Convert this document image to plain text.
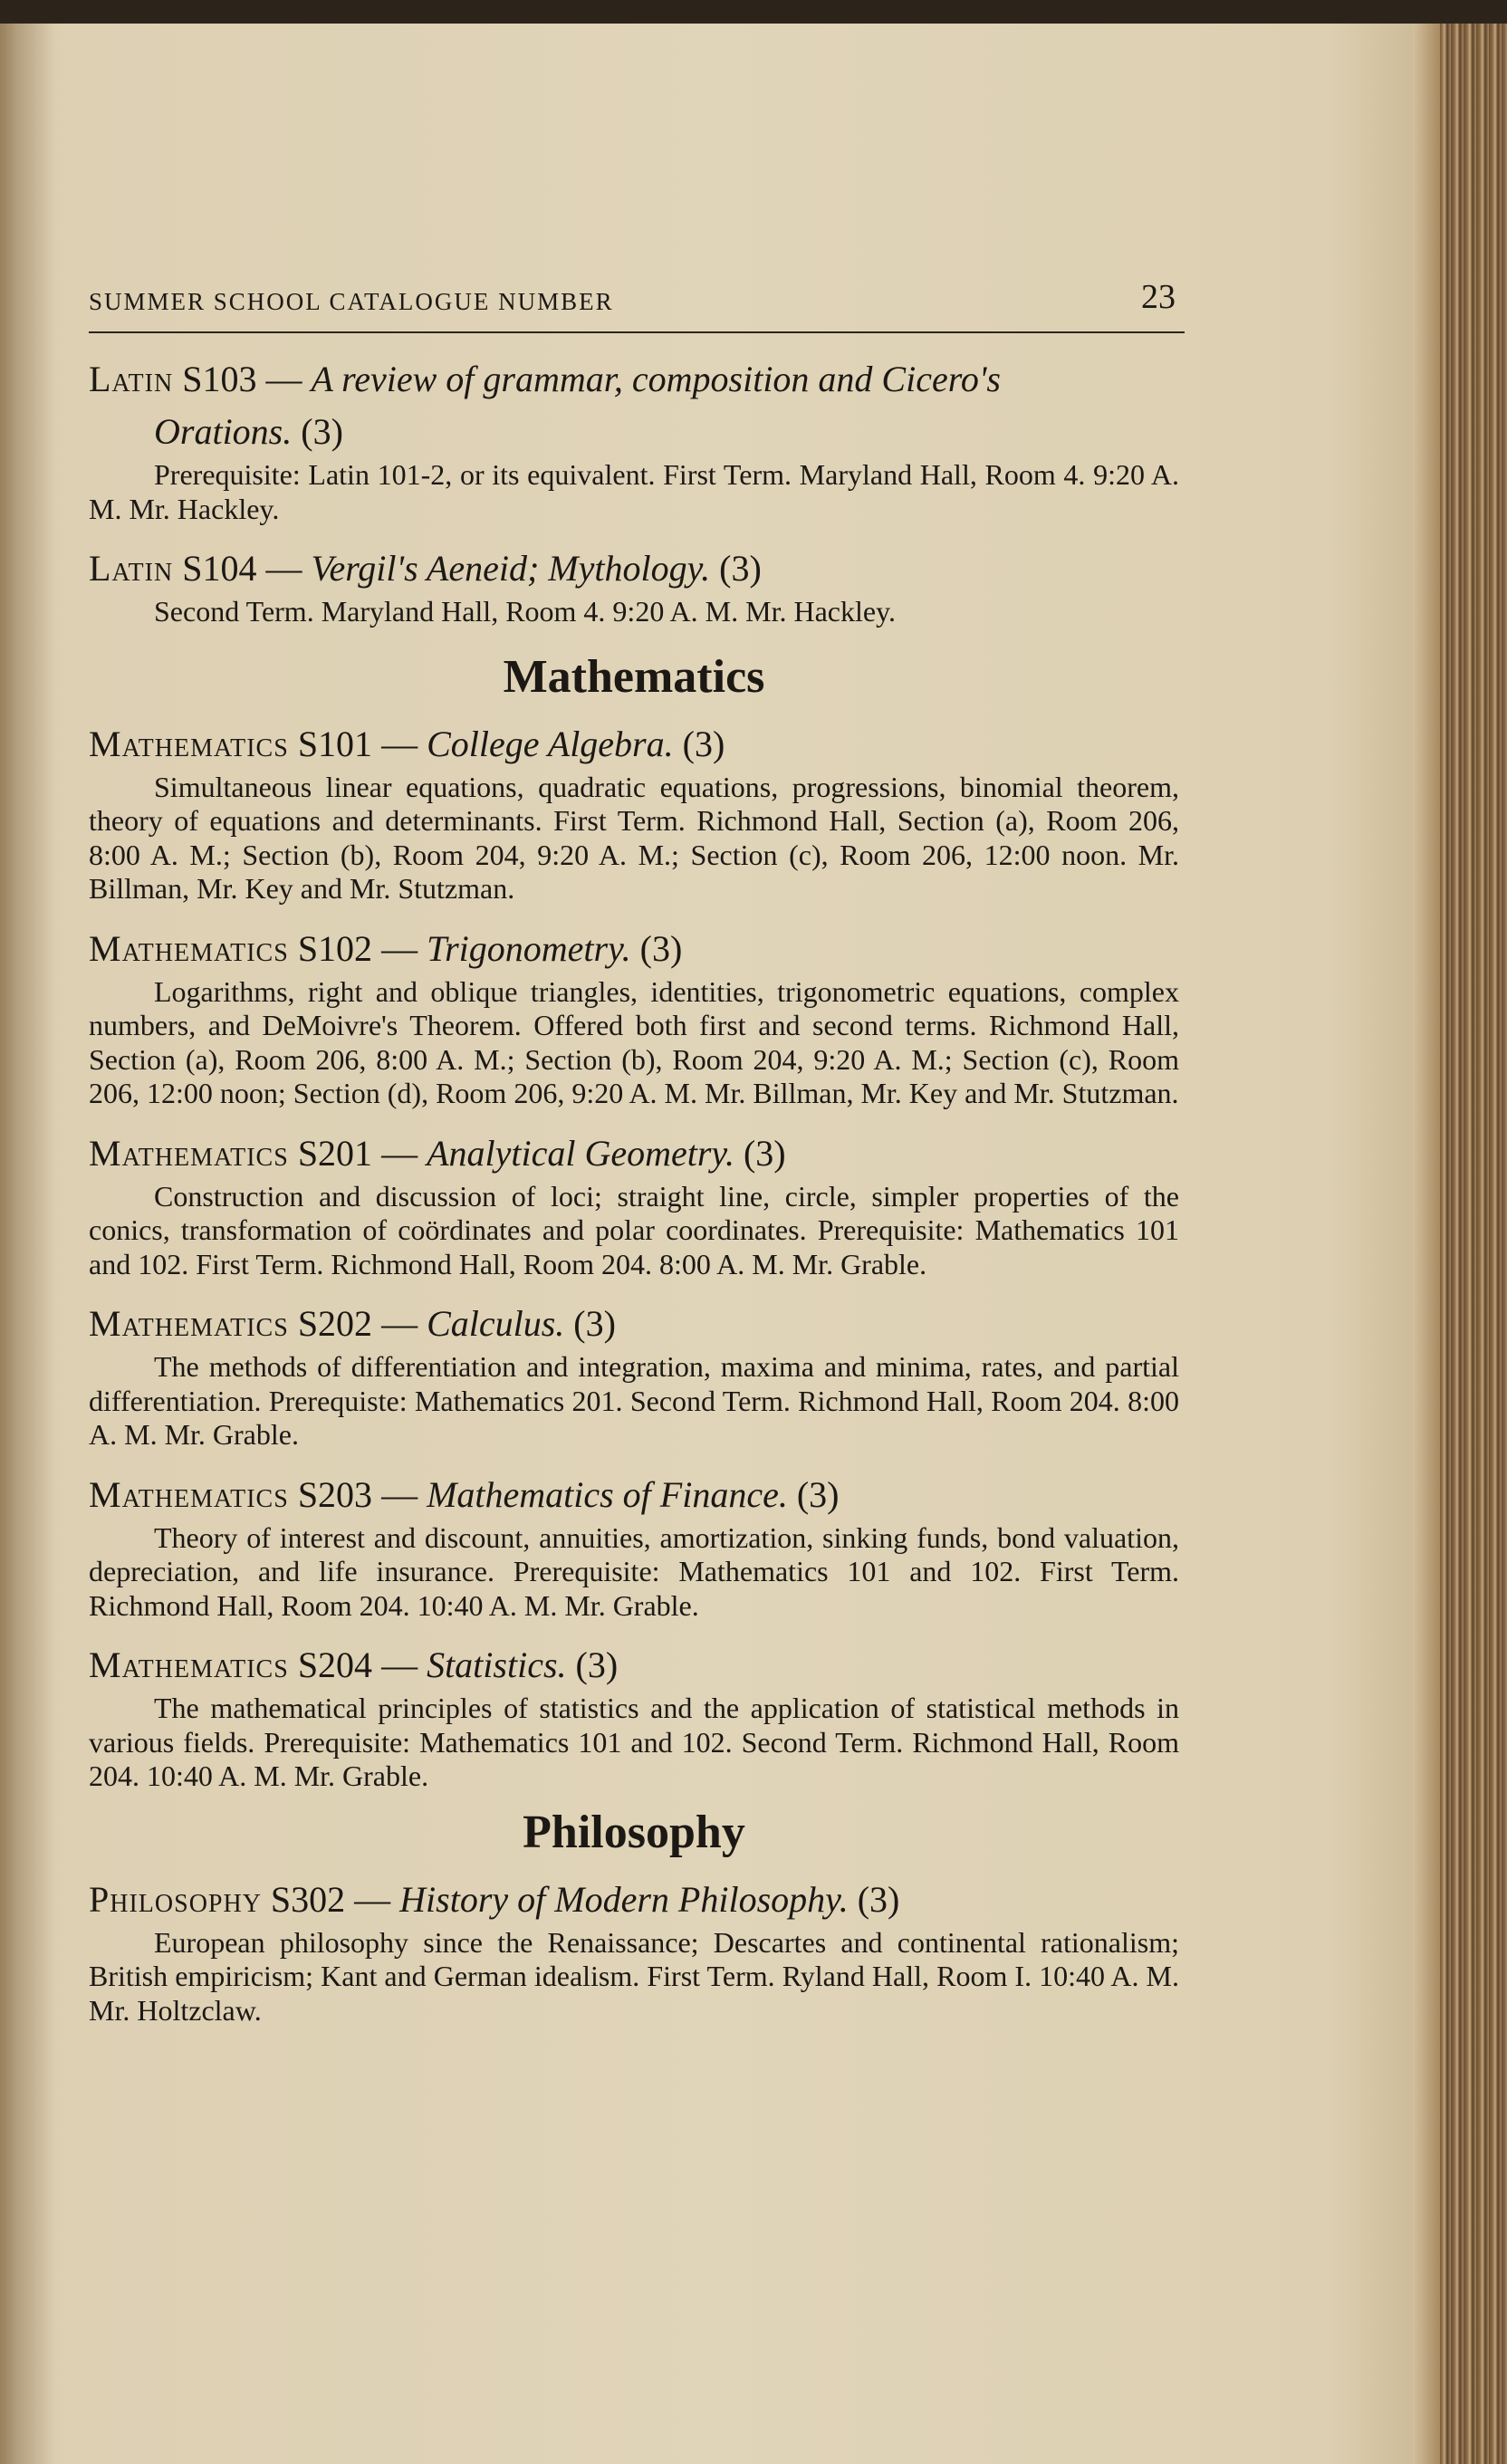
SUMMER SCHOOL CATALOGUE NUMBER	23
Latin S103 — A review of grammar, composition and Cicero's
Orations. (3)
Prerequisite: Latin 101-2, or its equivalent. First Term. Maryland Hall, Room 4. 9:20 A. M. Mr. Hackley.
Latin S104 — Vergil's Aeneid; Mythology. (3)
Second Term. Maryland Hall, Room 4. 9:20 A. M. Mr. Hackley.
Mathematics
Mathematics S101 — College Algebra. (3)
Simultaneous linear equations, quadratic equations, progressions, binomial theorem, theory of equations and determinants. First Term. Richmond Hall, Section (a), Room 206, 8:00 A. M.; Section (b), Room 204, 9:20 A. M.; Section (c), Room 206, 12:00 noon. Mr. Billman, Mr. Key and Mr. Stutzman.
Mathematics S102 — Trigonometry. (3)
Logarithms, right and oblique triangles, identities, trigonometric equations, complex numbers, and DeMoivre's Theorem. Offered both first and second terms. Richmond Hall, Section (a), Room 206, 8:00 A. M.; Section (b), Room 204, 9:20 A. M.; Section (c), Room 206, 12:00 noon; Section (d), Room 206, 9:20 A. M. Mr. Billman, Mr. Key and Mr. Stutzman.
Mathematics S201 — Analytical Geometry. (3)
Construction and discussion of loci; straight line, circle, simpler properties of the conics, transformation of coördinates and polar coordinates. Prerequisite: Mathematics 101 and 102. First Term. Richmond Hall, Room 204. 8:00 A. M. Mr. Grable.
Mathematics S202 — Calculus. (3)
The methods of differentiation and integration, maxima and minima, rates, and partial differentiation. Prerequiste: Mathematics 201. Second Term. Richmond Hall, Room 204. 8:00 A. M. Mr. Grable.
Mathematics S203 — Mathematics of Finance. (3)
Theory of interest and discount, annuities, amortization, sinking funds, bond valuation, depreciation, and life insurance. Prerequisite: Mathematics 101 and 102. First Term. Richmond Hall, Room 204. 10:40 A. M. Mr. Grable.
Mathematics S204 — Statistics. (3)
The mathematical principles of statistics and the application of statistical methods in various fields. Prerequisite: Mathematics 101 and 102. Second Term. Richmond Hall, Room 204. 10:40 A. M. Mr. Grable.
Philosophy
Philosophy S302 — History of Modern Philosophy. (3)
European philosophy since the Renaissance; Descartes and continental rationalism; British empiricism; Kant and German idealism. First Term. Ryland Hall, Room I. 10:40 A. M. Mr. Holtzclaw.
